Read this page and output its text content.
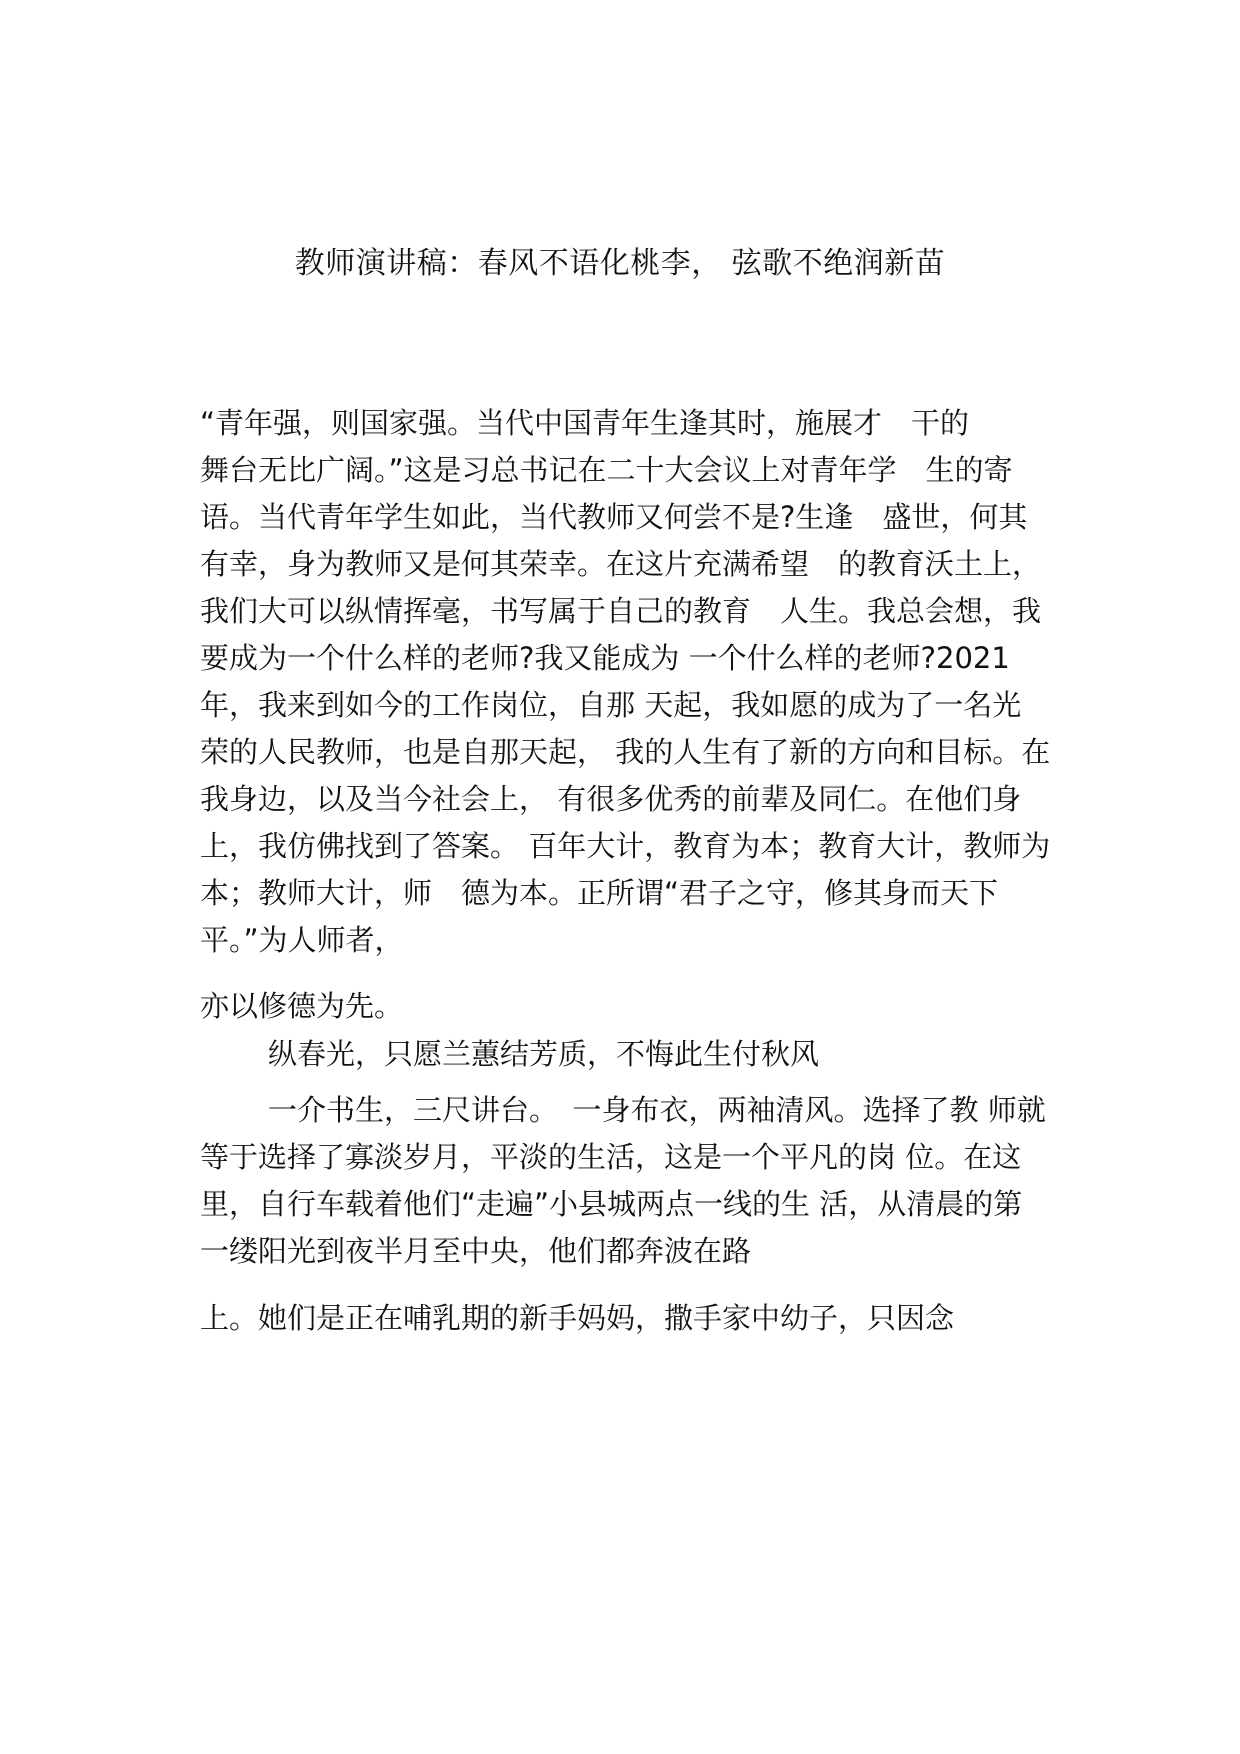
教师演讲稿：春风不语化桃李， 弦歌不绝润新苗
“青年强，则国家强。当代中国青年生逢其时，施展才　干的
舞台无比广阔。”这是习总书记在二十大会议上对青年学　生的寄
语。当代青年学生如此，当代教师又何尝不是?生逢　盛世，何其
有幸，身为教师又是何其荣幸。在这片充满希望　的教育沃土上，
我们大可以纵情挥毫，书写属于自己的教育　人生。我总会想，我
要成为一个什么样的老师?我又能成为 一个什么样的老师?2021
年，我来到如今的工作岗位，自那 天起，我如愿的成为了一名光
荣的人民教师，也是自那天起， 我的人生有了新的方向和目标。在
我身边，以及当今社会上， 有很多优秀的前辈及同仁。在他们身
上，我仿佛找到了答案。 百年大计，教育为本；教育大计，教师为
本；教师大计，师　德为本。正所谓“君子之守，修其身而天下
平。”为人师者，
亦以修德为先。
纵春光，只愿兰蕙结芳质，不悔此生付秋风
一介书生，三尺讲台。　一身布衣，两袖清风。选择了教 师就
等于选择了寡淡岁月，平淡的生活，这是一个平凡的岗 位。在这
里，自行车载着他们“走遍”小县城两点一线的生 活，从清晨的第
一缕阳光到夜半月至中央，他们都奔波在路
上。她们是正在哺乳期的新手妈妈，撒手家中幼子，只因念
